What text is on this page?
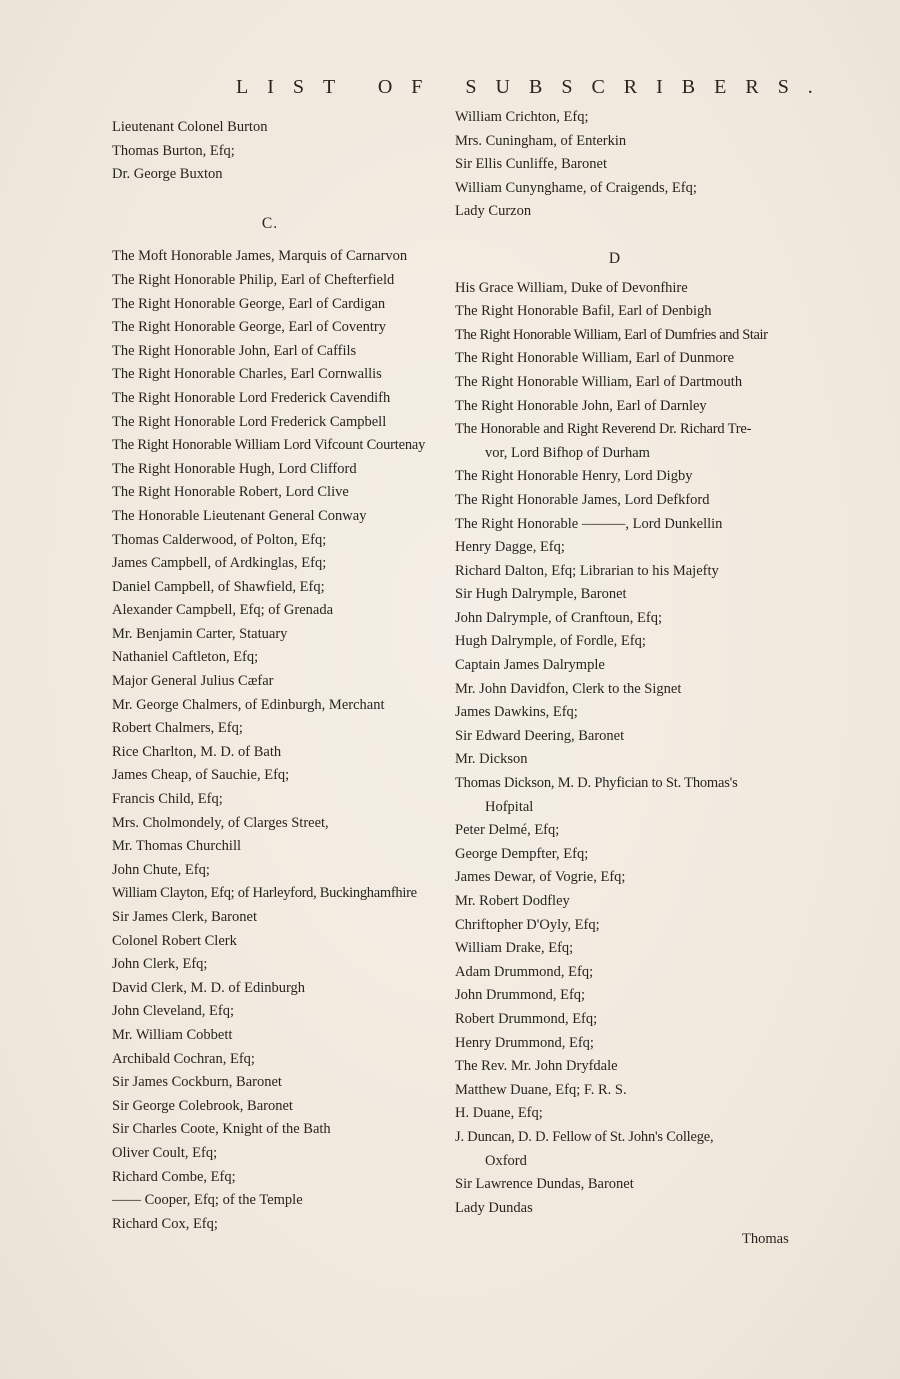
LIST OF SUBSCRIBERS.

Lieutenant Colonel Burton

Thomas Burton, Efq;

Dr. George Buxton

C.

The Moft Honorable James, Marquis of Carnarvon

The Right Honorable Philip, Earl of Chefterfield

The Right Honorable George, Earl of Cardigan

The Right Honorable George, Earl of Coventry

The Right Honorable John, Earl of Caffils

The Right Honorable Charles, Earl Cornwallis

The Right Honorable Lord Frederick Cavendifh

The Right Honorable Lord Frederick Campbell

The Right Honorable William Lord Vifcount Courtenay

The Right Honorable Hugh, Lord Clifford

The Right Honorable Robert, Lord Clive

The Honorable Lieutenant General Conway

Thomas Calderwood, of Polton, Efq;

James Campbell, of Ardkinglas, Efq;

Daniel Campbell, of Shawfield, Efq;

Alexander Campbell, Efq; of Grenada

Mr. Benjamin Carter, Statuary

Nathaniel Caftleton, Efq;

Major General Julius Cæfar

Mr. George Chalmers, of Edinburgh, Merchant

Robert Chalmers, Efq;

Rice Charlton, M. D. of Bath

James Cheap, of Sauchie, Efq;

Francis Child, Efq;

Mrs. Cholmondely, of Clarges Street,

Mr. Thomas Churchill

John Chute, Efq;

William Clayton, Efq; of Harleyford, Buckinghamfhire

Sir James Clerk, Baronet

Colonel Robert Clerk

John Clerk, Efq;

David Clerk, M. D. of Edinburgh

John Cleveland, Efq;

Mr. William Cobbett

Archibald Cochran, Efq;

Sir James Cockburn, Baronet

Sir George Colebrook, Baronet

Sir Charles Coote, Knight of the Bath

Oliver Coult, Efq;

Richard Combe, Efq;

—— Cooper, Efq; of the Temple

Richard Cox, Efq;

William Crichton, Efq;

Mrs. Cuningham, of Enterkin

Sir Ellis Cunliffe, Baronet

William Cunynghame, of Craigends, Efq;

Lady Curzon

D

His Grace William, Duke of Devonfhire

The Right Honorable Bafil, Earl of Denbigh

The Right Honorable William, Earl of Dumfries and Stair

The Right Honorable William, Earl of Dunmore

The Right Honorable William, Earl of Dartmouth

The Right Honorable John, Earl of Darnley

The Honorable and Right Reverend Dr. Richard Tre-

vor, Lord Bifhop of Durham

The Right Honorable Henry, Lord Digby

The Right Honorable James, Lord Defkford

The Right Honorable ———, Lord Dunkellin

Henry Dagge, Efq;

Richard Dalton, Efq; Librarian to his Majefty

Sir Hugh Dalrymple, Baronet

John Dalrymple, of Cranftoun, Efq;

Hugh Dalrymple, of Fordle, Efq;

Captain James Dalrymple

Mr. John Davidfon, Clerk to the Signet

James Dawkins, Efq;

Sir Edward Deering, Baronet

Mr. Dickson

Thomas Dickson, M. D. Phyfician to St. Thomas's

Hofpital

Peter Delmé, Efq;

George Dempfter, Efq;

James Dewar, of Vogrie, Efq;

Mr. Robert Dodfley

Chriftopher D'Oyly, Efq;

William Drake, Efq;

Adam Drummond, Efq;

John Drummond, Efq;

Robert Drummond, Efq;

Henry Drummond, Efq;

The Rev. Mr. John Dryfdale

Matthew Duane, Efq; F. R. S.

H. Duane, Efq;

J. Duncan, D. D. Fellow of St. John's College,

Oxford

Sir Lawrence Dundas, Baronet

Lady Dundas

Thomas
